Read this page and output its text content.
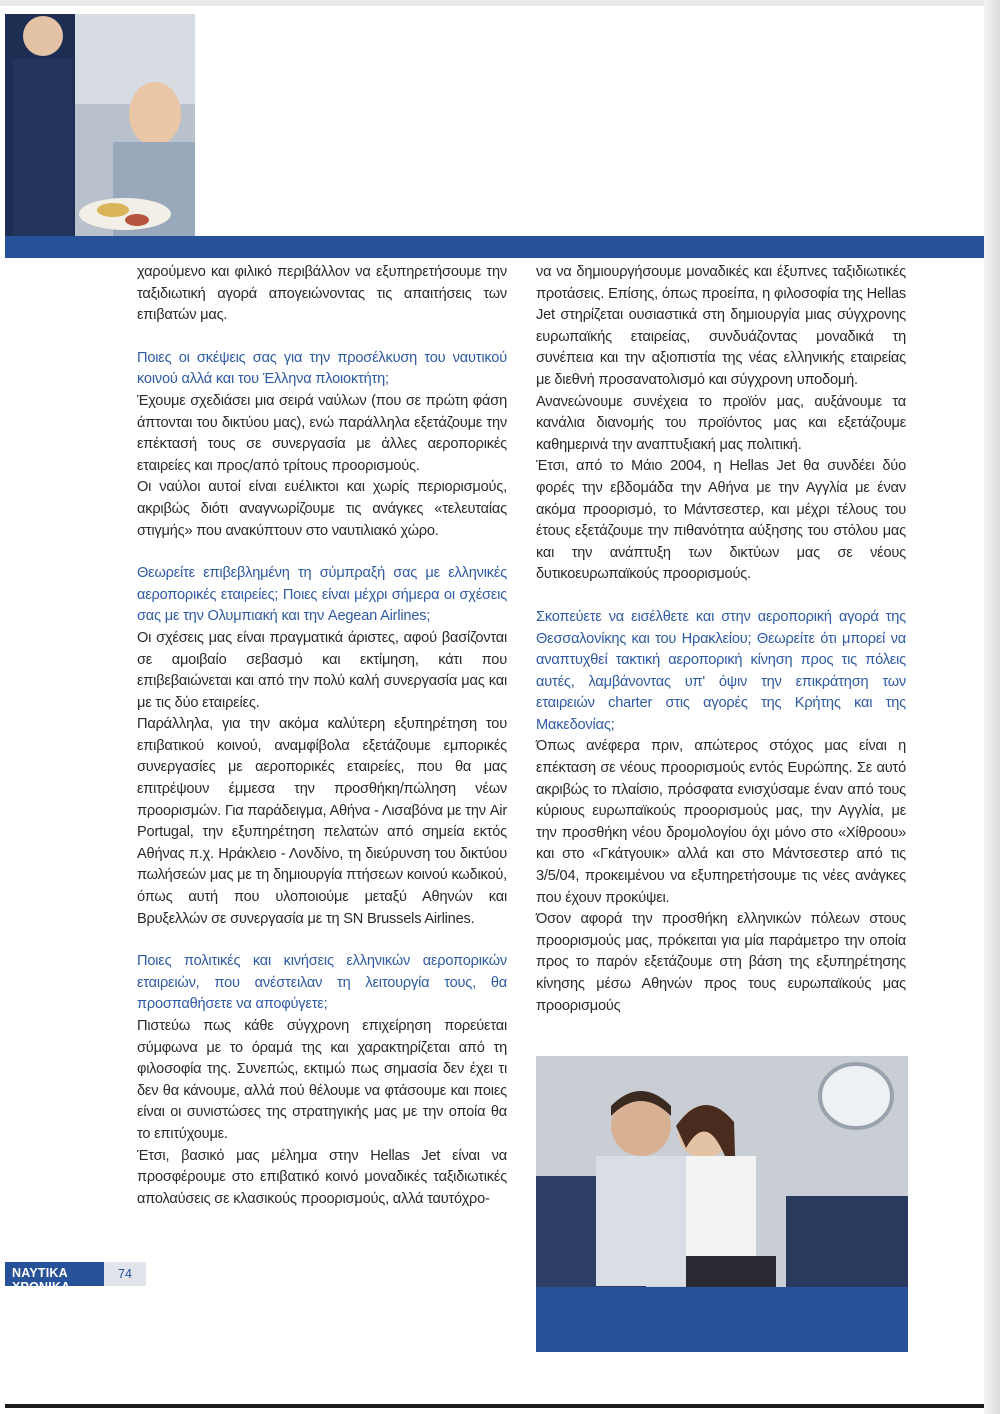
χαρούμενο και φιλικό περιβάλλον να εξυπηρετήσουμε την ταξιδιωτική αγορά απογειώνοντας τις απαιτήσεις των επιβατών μας.

Ποιες οι σκέψεις σας για την προσέλκυση του ναυτικού κοινού αλλά και του Έλληνα πλοιοκτήτη;

Έχουμε σχεδιάσει μια σειρά ναύλων (που σε πρώτη φάση άπτονται του δικτύου μας), ενώ παράλληλα εξετάζουμε την επέκτασή τους σε συνεργασία με άλλες αεροπορικές εταιρείες και προς/από τρίτους προορισμούς.

Οι ναύλοι αυτοί είναι ευέλικτοι και χωρίς περιορισμούς, ακριβώς διότι αναγνωρίζουμε τις ανάγκες «τελευταίας στιγμής» που ανακύπτουν στο ναυτιλιακό χώρο.

Θεωρείτε επιβεβλημένη τη σύμπραξή σας με ελληνικές αεροπορικές εταιρείες; Ποιες είναι μέχρι σήμερα οι σχέσεις σας με την Ολυμπιακή και την Aegean Airlines;

Οι σχέσεις μας είναι πραγματικά άριστες, αφού βασίζονται σε αμοιβαίο σεβασμό και εκτίμηση, κάτι που επιβεβαιώνεται και από την πολύ καλή συνεργασία μας και με τις δύο εταιρείες.

Παράλληλα, για την ακόμα καλύτερη εξυπηρέτηση του επιβατικού κοινού, αναμφίβολα εξετάζουμε εμπορικές συνεργασίες με αεροπορικές εταιρείες, που θα μας επιτρέψουν έμμεσα την προσθήκη/πώληση νέων προορισμών. Για παράδειγμα, Αθήνα - Λισαβόνα με την Air Portugal, την εξυπηρέτηση πελατών από σημεία εκτός Αθήνας π.χ. Ηράκλειο - Λονδίνο, τη διεύρυνση του δικτύου πωλήσεών μας με τη δημιουργία πτήσεων κοινού κωδικού, όπως αυτή που υλοποιούμε μεταξύ Αθηνών και Βρυξελλών σε συνεργασία με τη SN Brussels Airlines.

Ποιες πολιτικές και κινήσεις ελληνικών αεροπορικών εταιρειών, που ανέστειλαν τη λειτουργία τους, θα προσπαθήσετε να αποφύγετε;

Πιστεύω πως κάθε σύγχρονη επιχείρηση πορεύεται σύμφωνα με το όραμά της και χαρακτηρίζεται από τη φιλοσοφία της. Συνεπώς, εκτιμώ πως σημασία δεν έχει τι δεν θα κάνουμε, αλλά πού θέλουμε να φτάσουμε και ποιες είναι οι συνιστώσες της στρατηγικής μας με την οποία θα το επιτύχουμε.

Έτσι, βασικό μας μέλημα στην Hellas Jet είναι να προσφέρουμε στο επιβατικό κοινό μοναδικές ταξιδιωτικές απολαύσεις σε κλασικούς προορισμούς, αλλά ταυτόχρο-

να να δημιουργήσουμε μοναδικές και έξυπνες ταξιδιωτικές προτάσεις. Επίσης, όπως προείπα, η φιλοσοφία της Hellas Jet στηρίζεται ουσιαστικά στη δημιουργία μιας σύγχρονης ευρωπαϊκής εταιρείας, συνδυάζοντας μοναδικά τη συνέπεια και την αξιοπιστία της νέας ελληνικής εταιρείας με διεθνή προσανατολισμό και σύγχρονη υποδομή.

Ανανεώνουμε συνέχεια το προϊόν μας, αυξάνουμε τα κανάλια διανομής του προϊόντος μας και εξετάζουμε καθημερινά την αναπτυξιακή μας πολιτική.

Έτσι, από το Μάιο 2004, η Hellas Jet θα συνδέει δύο φορές την εβδομάδα την Αθήνα με την Αγγλία με έναν ακόμα προορισμό, το Μάντσεστερ, και μέχρι τέλους του έτους εξετάζουμε την πιθανότητα αύξησης του στόλου μας και την ανάπτυξη των δικτύων μας σε νέους δυτικοευρωπαϊκούς προορισμούς.

Σκοπεύετε να εισέλθετε και στην αεροπορική αγορά της Θεσσαλονίκης και του Ηρακλείου; Θεωρείτε ότι μπορεί να αναπτυχθεί τακτική αεροπορική κίνηση προς τις πόλεις αυτές, λαμβάνοντας υπ' όψιν την επικράτηση των εταιρειών charter στις αγορές της Κρήτης και της Μακεδονίας;

Όπως ανέφερα πριν, απώτερος στόχος μας είναι η επέκταση σε νέους προορισμούς εντός Ευρώπης. Σε αυτό ακριβώς το πλαίσιο, πρόσφατα ενισχύσαμε έναν από τους κύριους ευρωπαϊκούς προορισμούς μας, την Αγγλία, με την προσθήκη νέου δρομολογίου όχι μόνο στο «Χίθροου» και στο «Γκάτγουικ» αλλά και στο Μάντσεστερ από τις 3/5/04, προκειμένου να εξυπηρετήσουμε τις νέες ανάγκες που έχουν προκύψει.

Όσον αφορά την προσθήκη ελληνικών πόλεων στους προορισμούς μας, πρόκειται για μία παράμετρο την οποία προς το παρόν εξετάζουμε στη βάση της εξυπηρέτησης κίνησης μέσω Αθηνών προς τους ευρωπαϊκούς μας προορισμούς

ΝΑΥΤΙΚΑ ΧΡΟΝΙΚΑ
74
